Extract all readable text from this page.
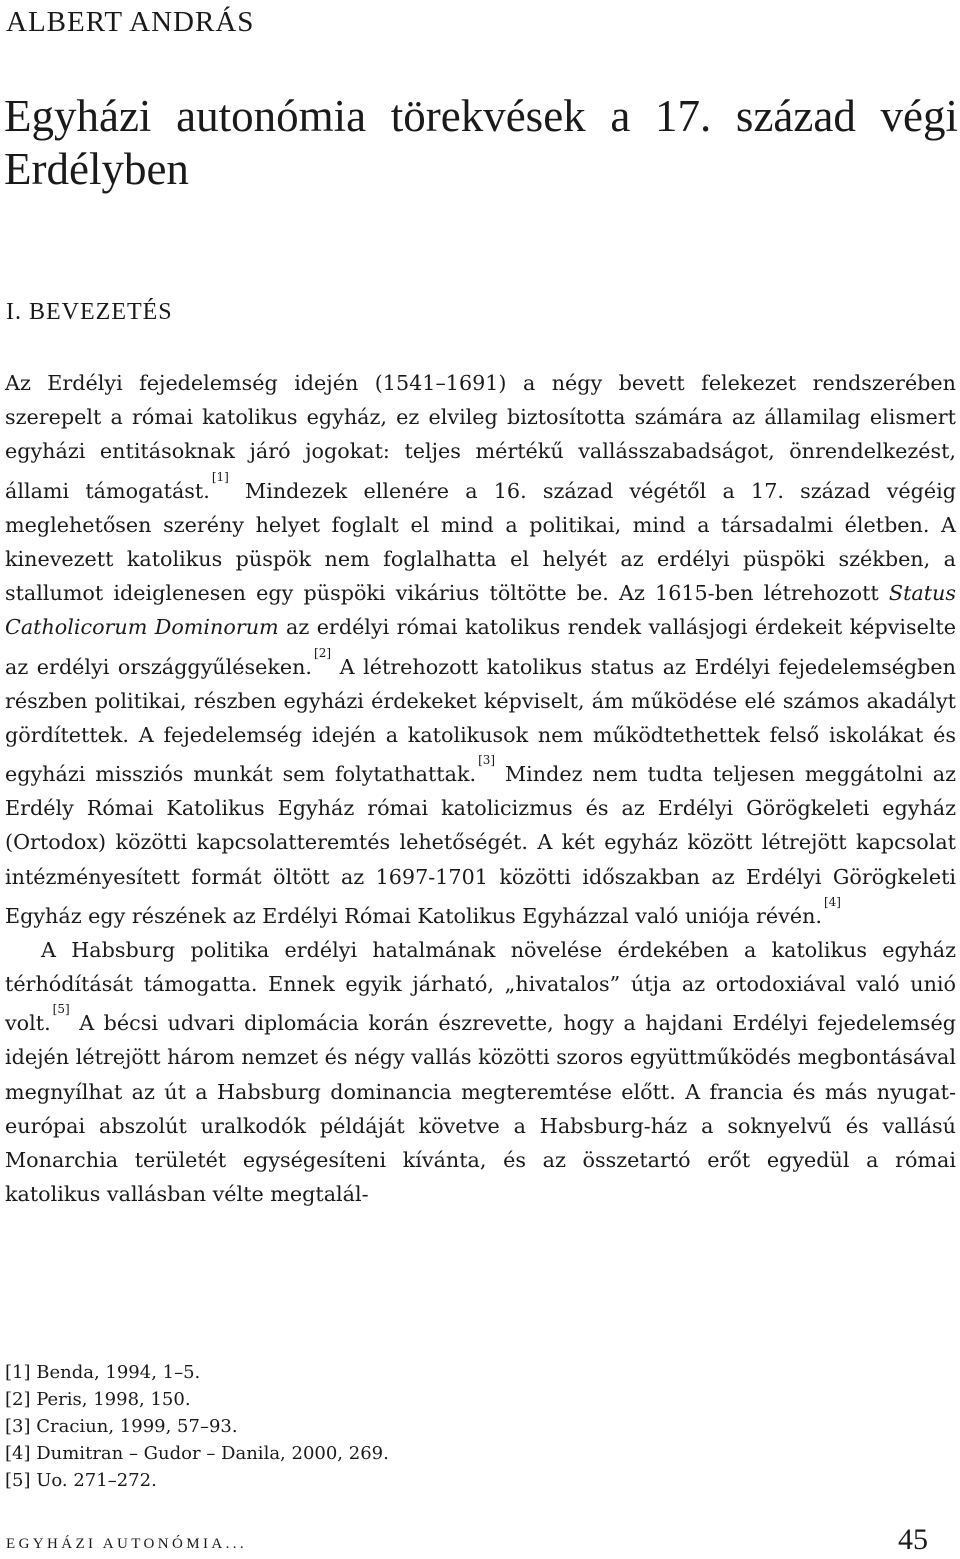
ALBERT ANDRÁS
Egyházi autonómia törekvések a 17. század végi Erdélyben
I. BEVEZETÉS

Az Erdélyi fejedelemség idején (1541–1691) a négy bevett felekezet rendszerében szerepelt a római katolikus egyház, ez elvileg biztosította számára az államilag elismert egyházi entitásoknak járó jogokat: teljes mértékű vallásszabadságot, önrendelkezést, állami támogatást.[1] Mindezek ellenére a 16. század végétől a 17. század végéig meglehetősen szerény helyet foglalt el mind a politikai, mind a társadalmi életben. A kinevezett katolikus püspök nem foglalhatta el helyét az erdélyi püspöki székben, a stallumot ideiglenesen egy püspöki vikárius töltötte be. Az 1615-ben létrehozott Status Catholicorum Dominorum az erdélyi római katolikus rendek vallásjogi érdekeit képviselte az erdélyi országgyűléseken.[2] A létrehozott katolikus status az Erdélyi fejedelemségben részben politikai, részben egyházi érdekeket képviselt, ám működése elé számos akadályt gördítettek. A fejedelemség idején a katolikusok nem működtethettek felső iskolákat és egyházi missziós munkát sem folytathattak.[3] Mindez nem tudta teljesen meggátolni az Erdély Római Katolikus Egyház római katolicizmus és az Erdélyi Görögkeleti egyház (Ortodox) közötti kapcsolatteremtés lehetőségét. A két egyház között létrejött kapcsolat intézményesített formát öltött az 1697-1701 közötti időszakban az Erdélyi Görögkeleti Egyház egy részének az Erdélyi Római Katolikus Egyházzal való uniója révén.[4]

A Habsburg politika erdélyi hatalmának növelése érdekében a katolikus egyház térhódítását támogatta. Ennek egyik járható, „hivatalos” útja az ortodoxiával való unió volt.[5] A bécsi udvari diplomácia korán észrevette, hogy a hajdani Erdélyi fejedelemség idején létrejött három nemzet és négy vallás közötti szoros együttműködés megbontásával megnyílhat az út a Habsburg dominancia megteremtése előtt. A francia és más nyugat-európai abszolút uralkodók példáját követve a Habsburg-ház a soknyelvű és vallású Monarchia területét egységesíteni kívánta, és az összetartó erőt egyedül a római katolikus vallásban vélte megtalál-

[1] Benda, 1994, 1–5.
[2] Peris, 1998, 150.
[3] Craciun, 1999, 57–93.
[4] Dumitran – Gudor – Danila, 2000, 269.
[5] Uo. 271–272.
EGYHÁZI AUTONÓMIA...	45
